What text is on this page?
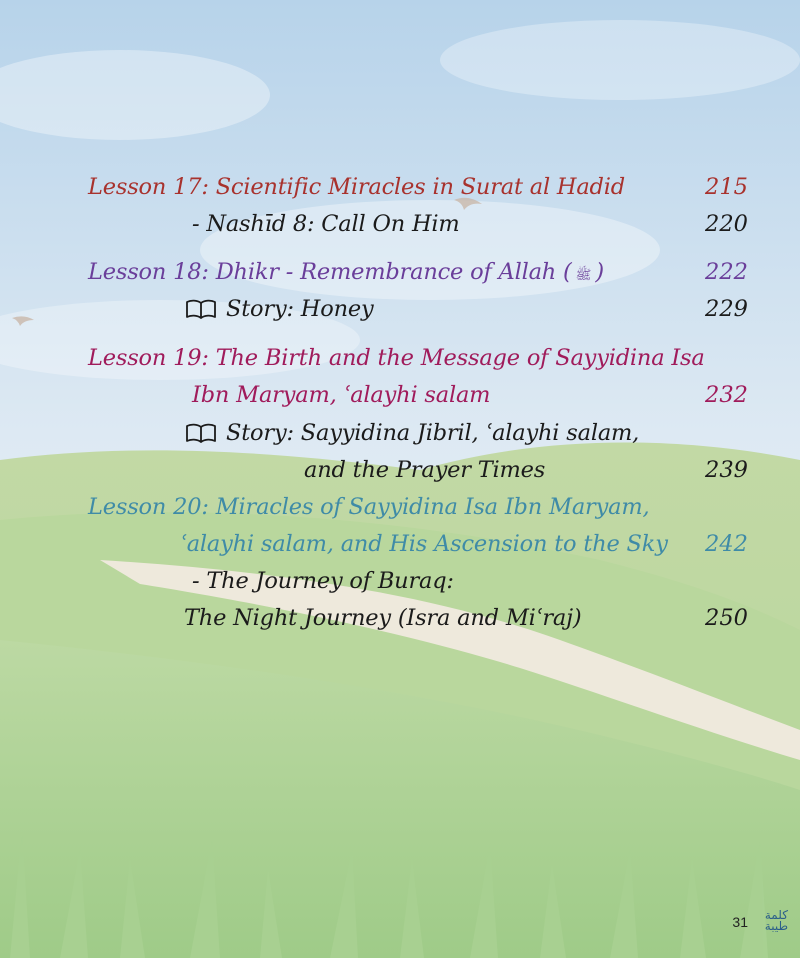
Lesson 17: Scientific Miracles in Surat al Hadid	215
- Nashīd 8: Call On Him	220
Lesson 18: Dhikr - Remembrance of Allah ( ﷺ )	222
Story: Honey	229
Lesson 19: The Birth and the Message of Sayyidina Isa
Ibn Maryam, ʿalayhi salam	232
Story: Sayyidina Jibril, ʿalayhi salam,
and the Prayer Times	239
Lesson 20: Miracles of Sayyidina Isa Ibn Maryam,
ʿalayhi salam, and His Ascension to the Sky 242
- The Journey of Buraq:
The Night Journey (Isra and Miʿraj)	250
31 كلمة
طيبة
